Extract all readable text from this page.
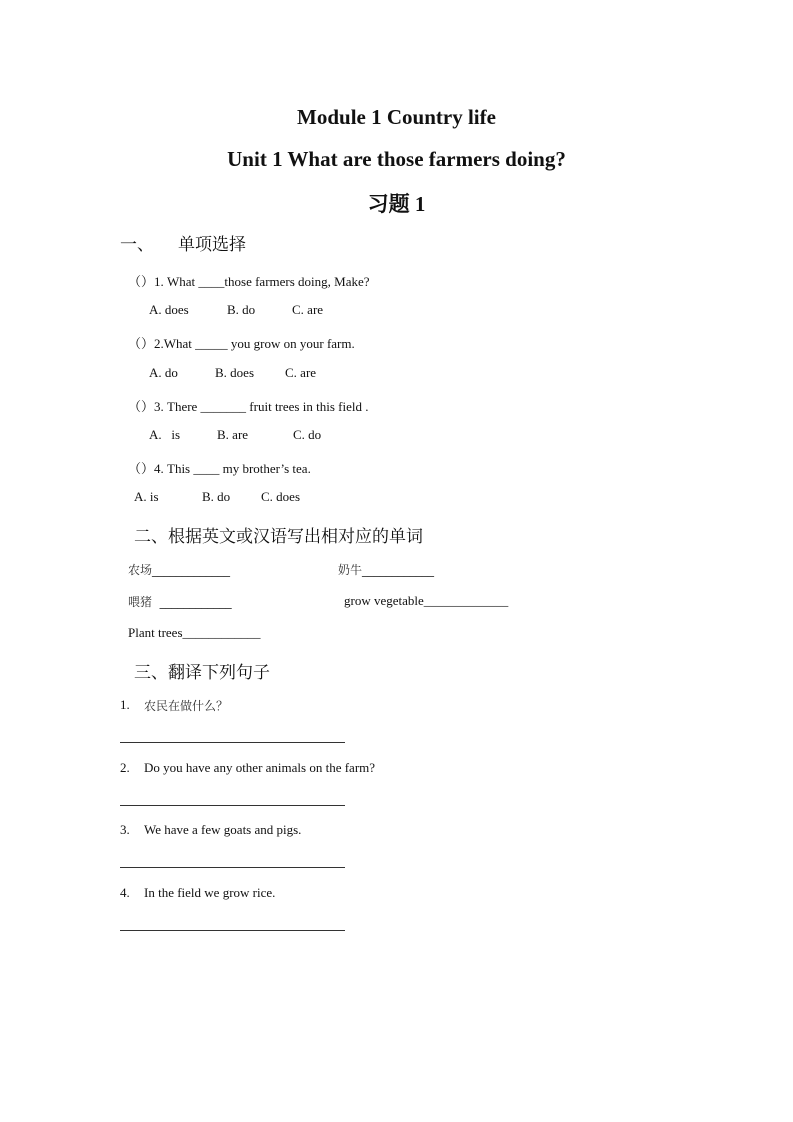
Module 1 Country life
Unit 1 What are those farmers doing?
习题 1
一、 单项选择
（）1. What ____those farmers doing, Make?
A. does	B. do	C. are
（）2.What _____ you grow on your farm.
A. do	B. does C. are
（）3. There _______ fruit trees in this field .
A.   is	B. are	C. do
（）4. This ____ my brother’s tea.
A. is	B. do C. does
二、根据英文或汉语写出相对应的单词
农场_____________	奶牛____________
喂猪  ____________	grow vegetable_____________
Plant trees____________
三、翻译下列句子
1. 农民在做什么？
2. Do you have any other animals on the farm?
3. We have a few goats and pigs.
4. In the field we grow rice.
